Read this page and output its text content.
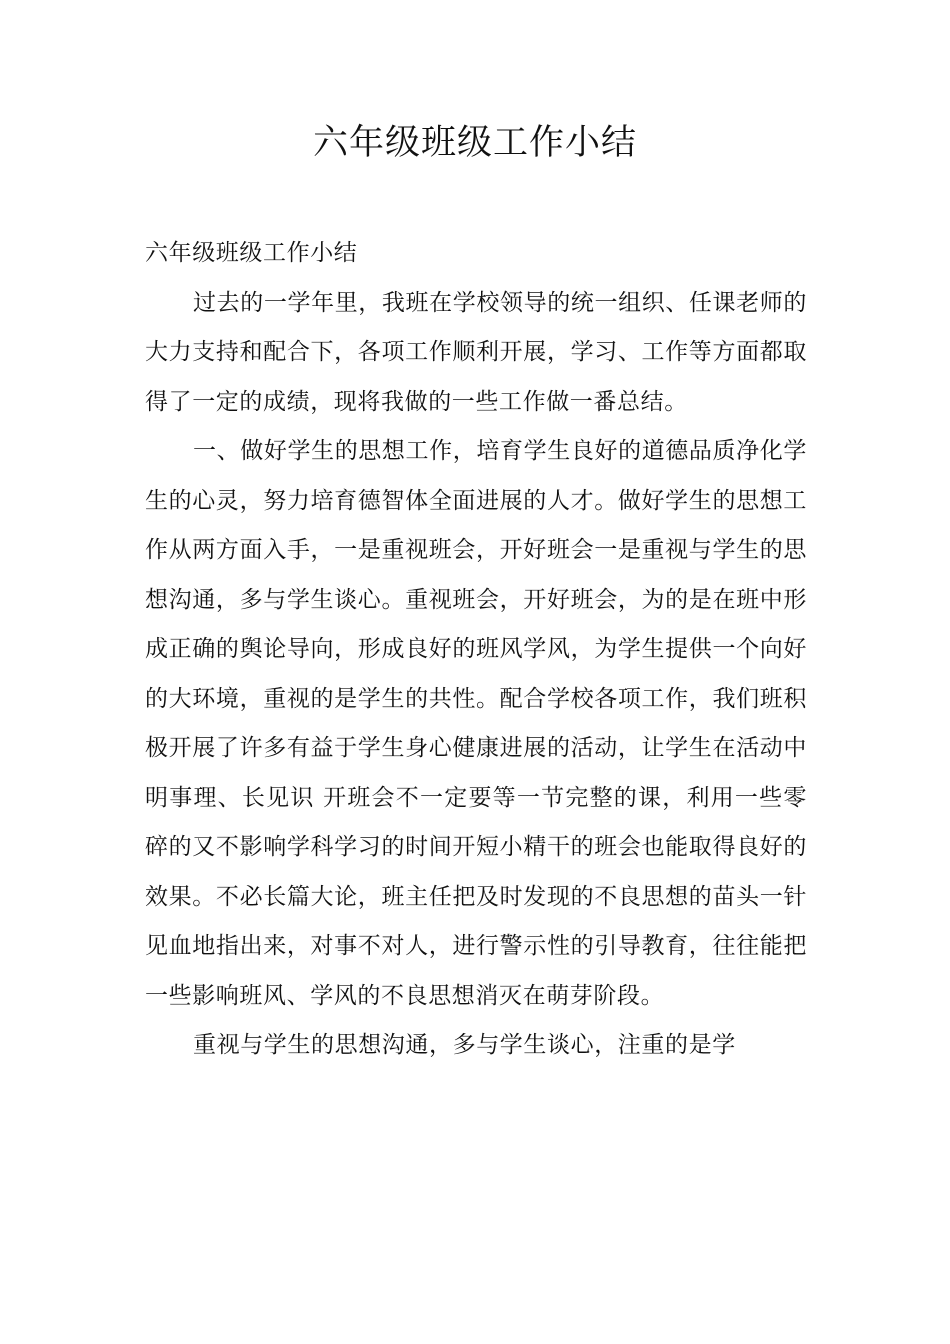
六年级班级工作小结

六年级班级工作小结

过去的一学年里，我班在学校领导的统一组织、任课老师的大力支持和配合下，各项工作顺利开展，学习、工作等方面都取得了一定的成绩，现将我做的一些工作做一番总结。

一、做好学生的思想工作，培育学生良好的道德品质净化学生的心灵，努力培育德智体全面进展的人才。做好学生的思想工作从两方面入手，一是重视班会，开好班会一是重视与学生的思想沟通，多与学生谈心。重视班会，开好班会，为的是在班中形成正确的舆论导向，形成良好的班风学风，为学生提供一个向好的大环境，重视的是学生的共性。配合学校各项工作，我们班积极开展了许多有益于学生身心健康进展的活动，让学生在活动中明事理、长见识 开班会不一定要等一节完整的课，利用一些零碎的又不影响学科学习的时间开短小精干的班会也能取得良好的效果。不必长篇大论，班主任把及时发现的不良思想的苗头一针见血地指出来，对事不对人，进行警示性的引导教育，往往能把一些影响班风、学风的不良思想消灭在萌芽阶段。

重视与学生的思想沟通，多与学生谈心，注重的是学
